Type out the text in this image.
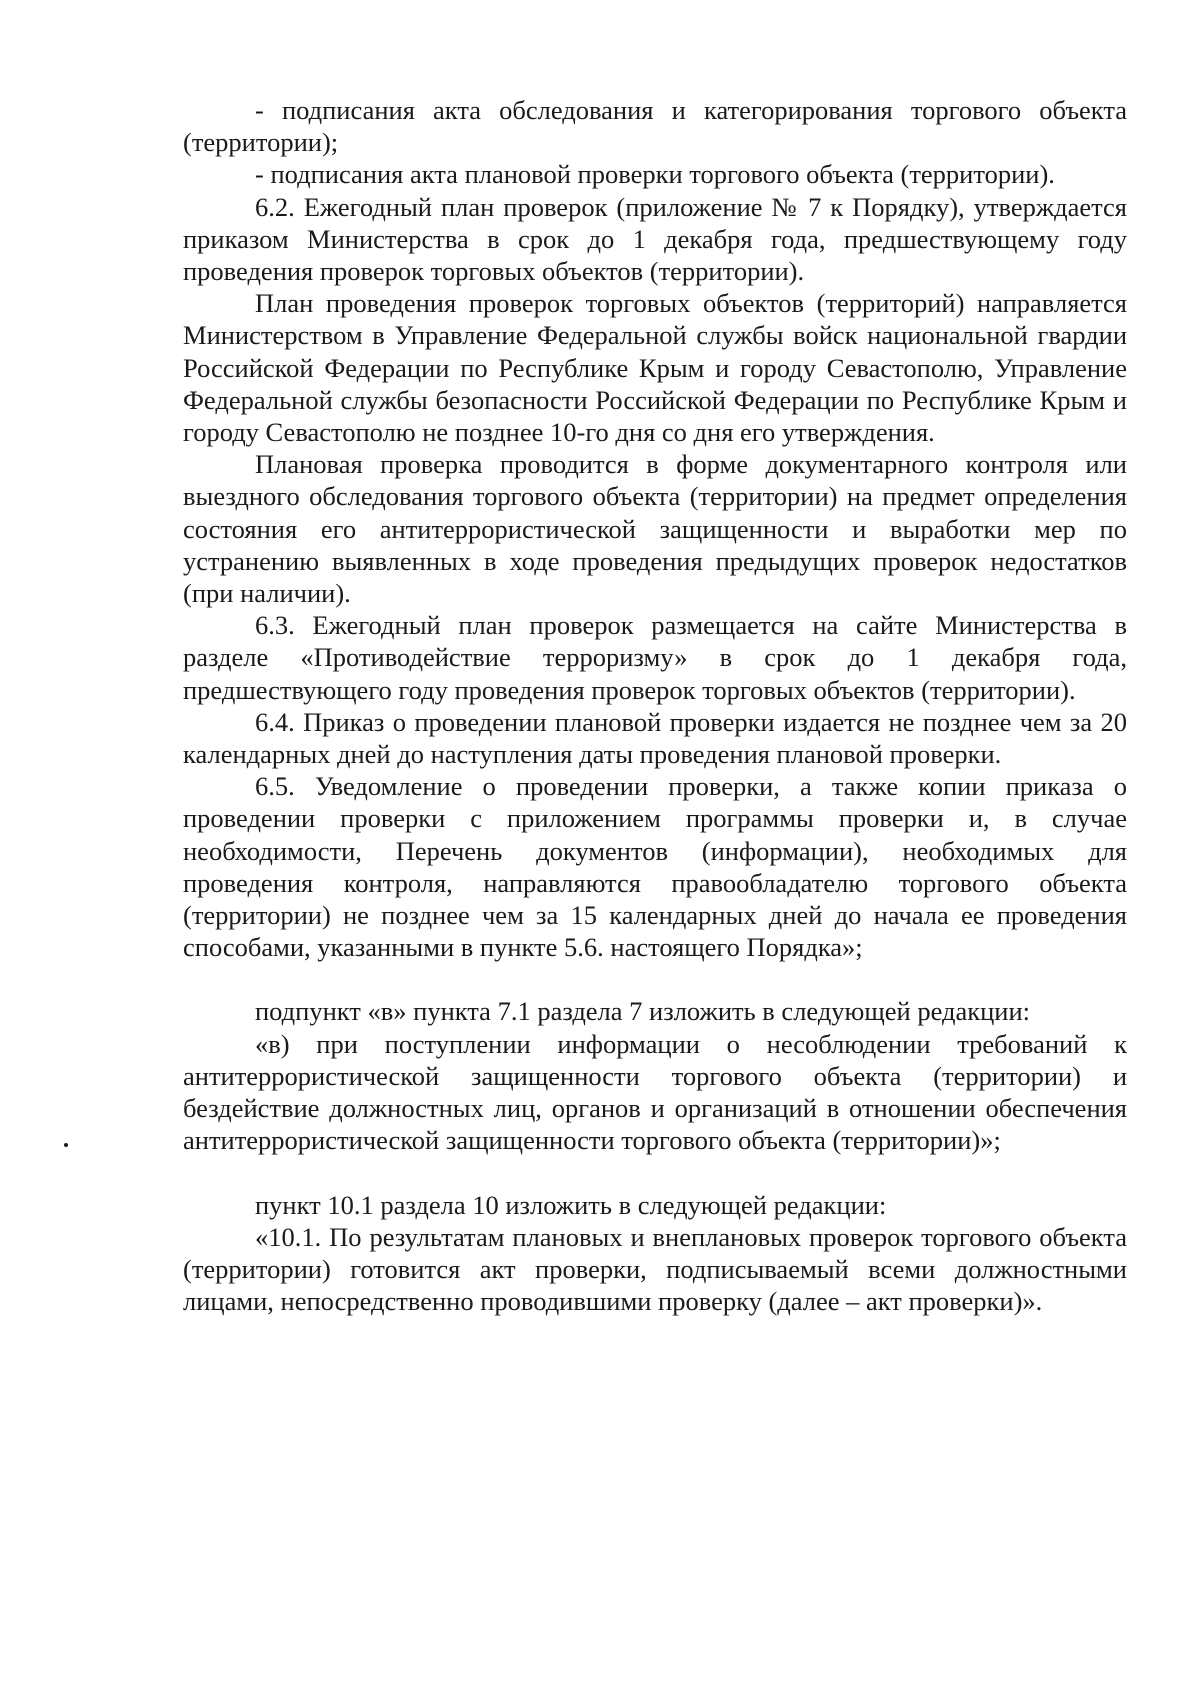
- подписания акта обследования и категорирования торгового объекта (территории);

- подписания акта плановой проверки торгового объекта (территории).

6.2. Ежегодный план проверок (приложение № 7 к Порядку), утверждается приказом Министерства в срок до 1 декабря года, предшествующему году проведения проверок торговых объектов (территории).

План проведения проверок торговых объектов (территорий) направляется Министерством в Управление Федеральной службы войск национальной гвардии Российской Федерации по Республике Крым и городу Севастополю, Управление Федеральной службы безопасности Российской Федерации по Республике Крым и городу Севастополю не позднее 10-го дня со дня его утверждения.

Плановая проверка проводится в форме документарного контроля или выездного обследования торгового объекта (территории) на предмет определения состояния его антитеррористической защищенности и выработки мер по устранению выявленных в ходе проведения предыдущих проверок недостатков (при наличии).

6.3. Ежегодный план проверок размещается на сайте Министерства в разделе «Противодействие терроризму» в срок до 1 декабря года, предшествующего году проведения проверок торговых объектов (территории).

6.4. Приказ о проведении плановой проверки издается не позднее чем за 20 календарных дней до наступления даты проведения плановой проверки.

6.5. Уведомление о проведении проверки, а также копии приказа о проведении проверки с приложением программы проверки и, в случае необходимости, Перечень документов (информации), необходимых для проведения контроля, направляются правообладателю торгового объекта (территории) не позднее чем за 15 календарных дней до начала ее проведения способами, указанными в пункте 5.6. настоящего Порядка»;

подпункт «в» пункта 7.1 раздела 7 изложить в следующей редакции:

«в) при поступлении информации о несоблюдении требований к антитеррористической защищенности торгового объекта (территории) и бездействие должностных лиц, органов и организаций в отношении обеспечения антитеррористической защищенности торгового объекта (территории)»;

пункт 10.1 раздела 10 изложить в следующей редакции:

«10.1. По результатам плановых и внеплановых проверок торгового объекта (территории) готовится акт проверки, подписываемый всеми должностными лицами, непосредственно проводившими проверку (далее – акт проверки)».
